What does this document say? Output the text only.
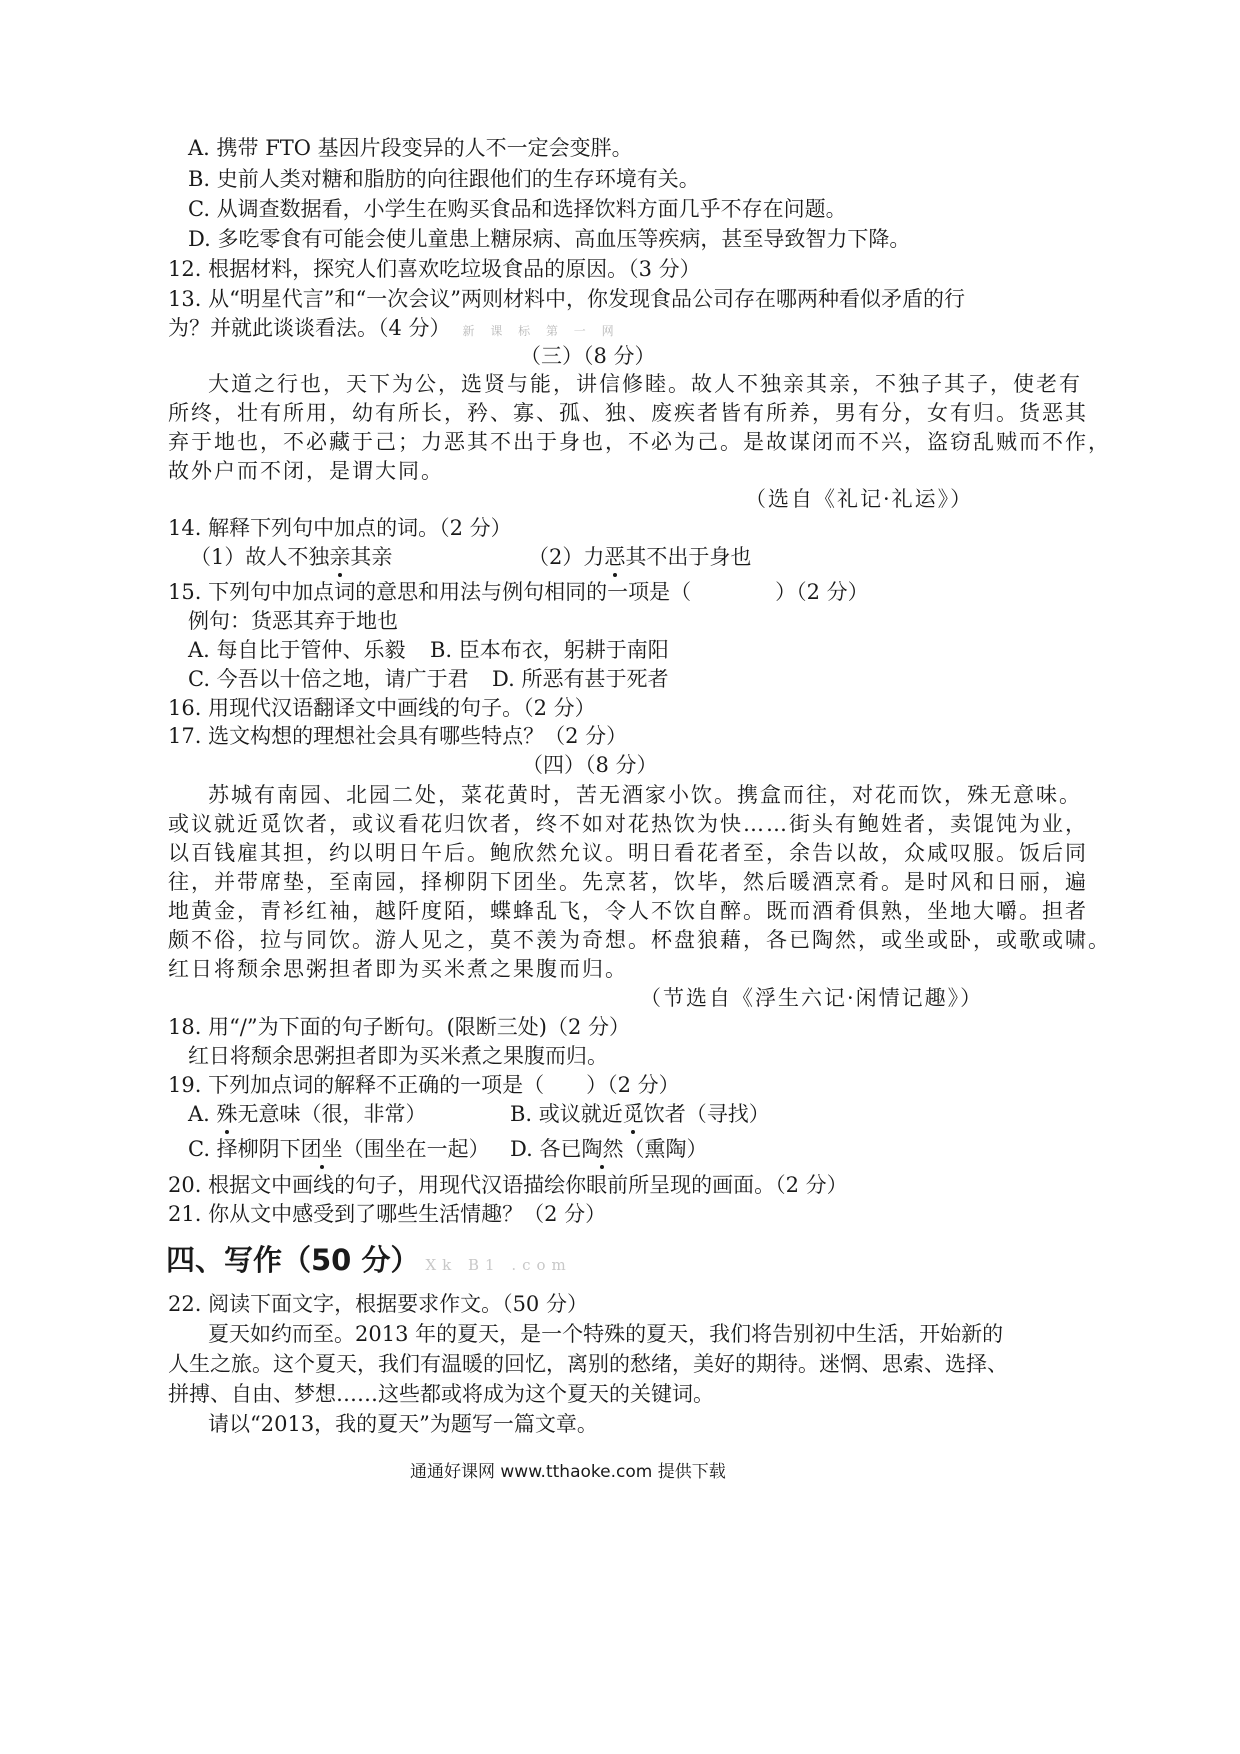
A. 携带 FTO 基因片段变异的人不一定会变胖。
B. 史前人类对糖和脂肪的向往跟他们的生存环境有关。
C. 从调查数据看，小学生在购买食品和选择饮料方面几乎不存在问题。
D. 多吃零食有可能会使儿童患上糖尿病、高血压等疾病，甚至导致智力下降。
12. 根据材料，探究人们喜欢吃垃圾食品的原因。（3 分）
13. 从“明星代言”和“一次会议”两则材料中，你发现食品公司存在哪两种看似矛盾的行
为？并就此谈谈看法。（4 分） 新 课 标 第 一 网
（三）（8 分）
大道之行也，天下为公，选贤与能，讲信修睦。故人不独亲其亲，不独子其子，使老有
所终，壮有所用，幼有所长，矜、寡、孤、独、废疾者皆有所养，男有分，女有归。货恶其
弃于地也，不必藏于己；力恶其不出于身也，不必为己。是故谋闭而不兴，盗窃乱贼而不作，
故外户而不闭，是谓大同。
（选自《礼记·礼运》）
14. 解释下列句中加点的词。（2 分）
（1）故人不独亲其亲	（2）力恶其不出于身也
15. 下列句中加点词的意思和用法与例句相同的一项是（　　　　）（2 分）
例句：货恶其弃于地也
A. 每自比于管仲、乐毅 B. 臣本布衣，躬耕于南阳
C. 今吾以十倍之地，请广于君 D. 所恶有甚于死者
16. 用现代汉语翻译文中画线的句子。（2 分）
17. 选文构想的理想社会具有哪些特点？（2 分）
（四）（8 分）
苏城有南园、北园二处，菜花黄时，苦无酒家小饮。携盒而往，对花而饮，殊无意味。
或议就近觅饮者，或议看花归饮者，终不如对花热饮为快……街头有鲍姓者，卖馄饨为业，
以百钱雇其担，约以明日午后。鲍欣然允议。明日看花者至，余告以故，众咸叹服。饭后同
往，并带席垫，至南园，择柳阴下团坐。先烹茗，饮毕，然后暖酒烹肴。是时风和日丽，遍
地黄金，青衫红袖，越阡度陌，蝶蜂乱飞，令人不饮自醉。既而酒肴俱熟，坐地大嚼。担者
颇不俗，拉与同饮。游人见之，莫不羡为奇想。杯盘狼藉，各已陶然，或坐或卧，或歌或啸。
红日将颓余思粥担者即为买米煮之果腹而归。
（节选自《浮生六记·闲情记趣》）
18. 用“/”为下面的句子断句。(限断三处)（2 分）
红日将颓余思粥担者即为买米煮之果腹而归。
19. 下列加点词的解释不正确的一项是（　　）（2 分）
A. 殊无意味（很，非常）	B. 或议就近觅饮者（寻找）
C. 择柳阴下团坐（围坐在一起） D. 各已陶然（熏陶）
20. 根据文中画线的句子，用现代汉语描绘你眼前所呈现的画面。（2 分）
21. 你从文中感受到了哪些生活情趣？（2 分）
四、写作（50 分） Xk B1 .com
22. 阅读下面文字，根据要求作文。（50 分）
夏天如约而至。2013 年的夏天，是一个特殊的夏天，我们将告别初中生活，开始新的
人生之旅。这个夏天，我们有温暖的回忆，离别的愁绪，美好的期待。迷惘、思索、选择、
拼搏、自由、梦想……这些都或将成为这个夏天的关键词。
请以“2013，我的夏天”为题写一篇文章。
通通好课网 www.tthaoke.com 提供下载
